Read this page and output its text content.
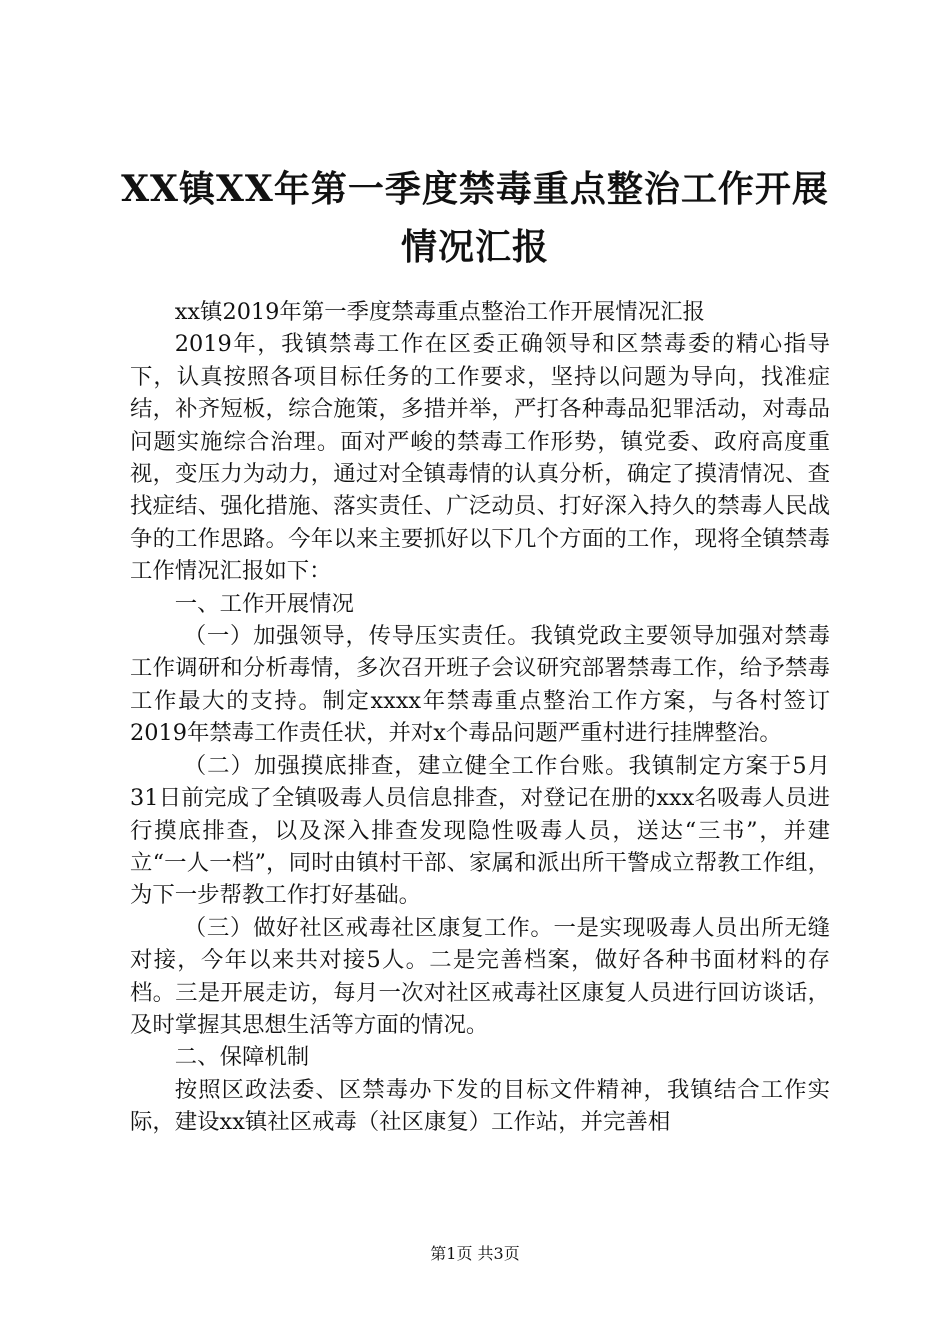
XX镇XX年第一季度禁毒重点整治工作开展情况汇报

xx镇2019年第一季度禁毒重点整治工作开展情况汇报

2019年，我镇禁毒工作在区委正确领导和区禁毒委的精心指导下，认真按照各项目标任务的工作要求，坚持以问题为导向，找准症结，补齐短板，综合施策，多措并举，严打各种毒品犯罪活动，对毒品问题实施综合治理。面对严峻的禁毒工作形势，镇党委、政府高度重视，变压力为动力，通过对全镇毒情的认真分析，确定了摸清情况、查找症结、强化措施、落实责任、广泛动员、打好深入持久的禁毒人民战争的工作思路。今年以来主要抓好以下几个方面的工作，现将全镇禁毒工作情况汇报如下：

一、工作开展情况

（一）加强领导，传导压实责任。我镇党政主要领导加强对禁毒工作调研和分析毒情，多次召开班子会议研究部署禁毒工作，给予禁毒工作最大的支持。制定xxxx年禁毒重点整治工作方案，与各村签订2019年禁毒工作责任状，并对x个毒品问题严重村进行挂牌整治。

（二）加强摸底排查，建立健全工作台账。我镇制定方案于5月31日前完成了全镇吸毒人员信息排查，对登记在册的xxx名吸毒人员进行摸底排查，以及深入排查发现隐性吸毒人员，送达“三书”，并建立“一人一档”，同时由镇村干部、家属和派出所干警成立帮教工作组，为下一步帮教工作打好基础。

（三）做好社区戒毒社区康复工作。一是实现吸毒人员出所无缝对接，今年以来共对接5人。二是完善档案，做好各种书面材料的存档。三是开展走访，每月一次对社区戒毒社区康复人员进行回访谈话，及时掌握其思想生活等方面的情况。

二、保障机制

按照区政法委、区禁毒办下发的目标文件精神，我镇结合工作实际，建设xx镇社区戒毒（社区康复）工作站，并完善相

第1页 共3页
